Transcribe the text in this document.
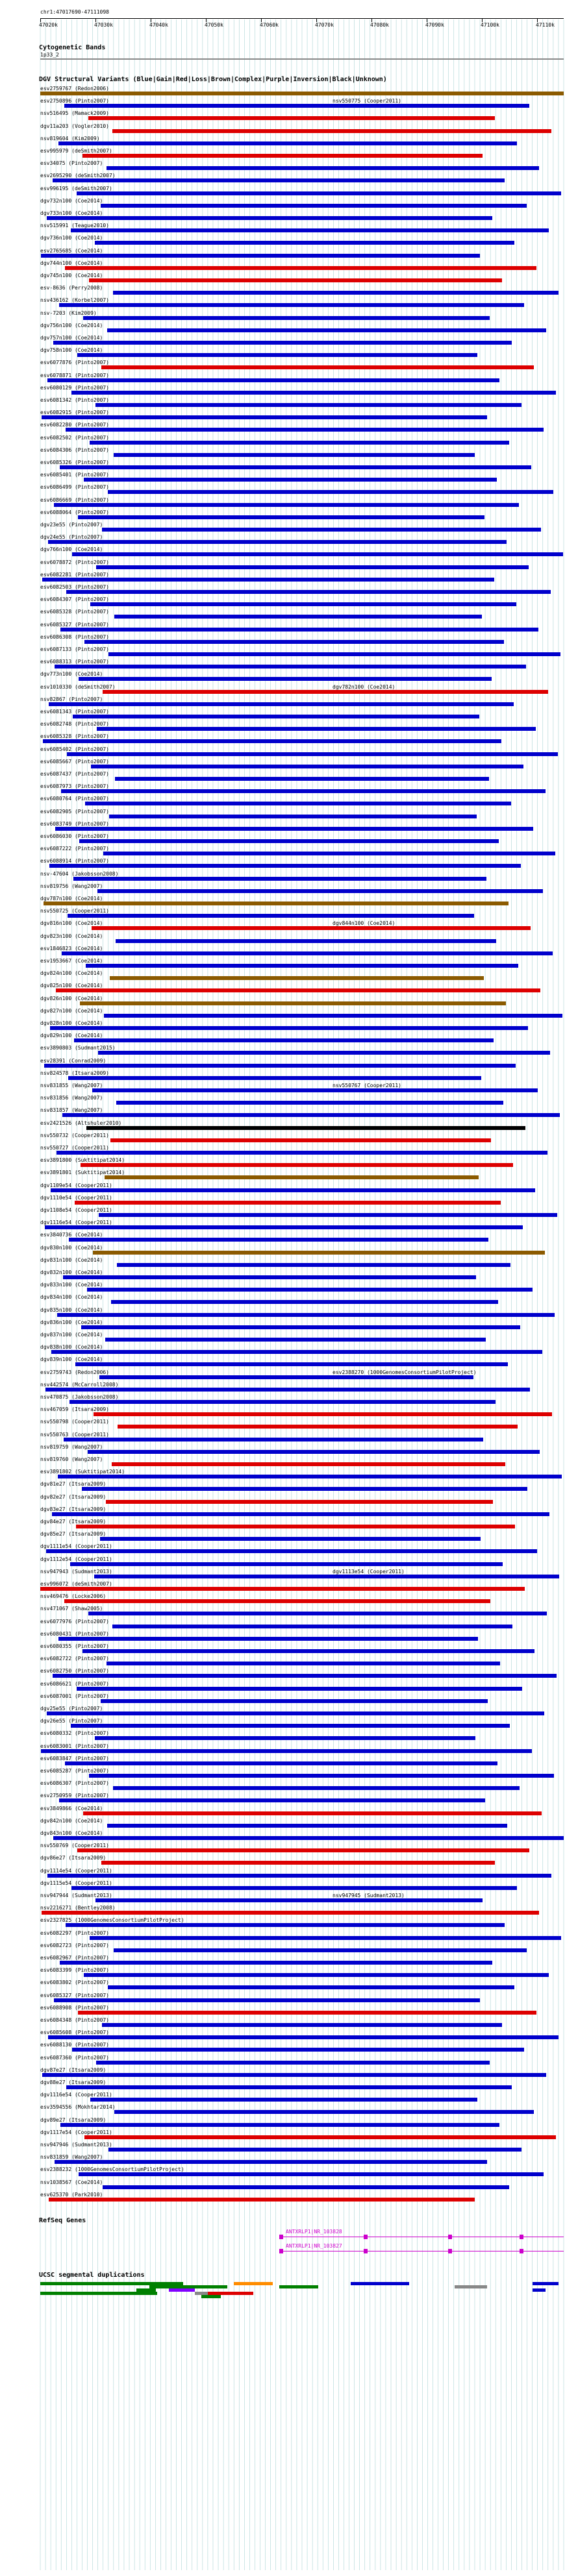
chr1:47017690-47111098
47020k	47030k	47040k	47050k	47060k	47070k	47080k	47090k	47100k	47110k
Cytogenetic Bands
1p33_2
DGV Structural Variants (Blue|Gain|Red|Loss|Brown|Complex|Purple|Inversion|Black|Unknown)
esv2759767 (Redon2006)
esv2750896 (Pinto2007)	nsv550775 (Cooper2011)
nsv516495 (Mamack2009)
dgv11a203 (Vogler2010)
nsv819604 (Kim2009)
esv995979 (deSmith2007)
esv34075 (Pinto2007)
esv2695290 (deSmith2007)
esv996195 (deSmith2007)
dgv732n100 (Coe2014)
dgv733n100 (Coe2014)
nsv515991 (Teague2010)
dgv736n100 (Coe2014)
esv2765685 (Coe2014)
dgv744n100 (Coe2014)
dgv745n100 (Coe2014)
esv-8636 (Perry2008)
nsv436162 (Korbel2007)
nsv-7203 (Kim2009)
dgv756n100 (Coe2014)
dgv757n100 (Coe2014)
dgv758n100 (Coe2014)
esv6077876 (Pinto2007)
esv6078871 (Pinto2007)
esv6080129 (Pinto2007)
esv6081342 (Pinto2007)
esv6082915 (Pinto2007)
esv6082280 (Pinto2007)
esv6082502 (Pinto2007)
esv6084306 (Pinto2007)
esv6085326 (Pinto2007)
esv6085401 (Pinto2007)
esv6086499 (Pinto2007)
esv6086669 (Pinto2007)
esv6088064 (Pinto2007)
dgv23e55 (Pinto2007)
dgv24e55 (Pinto2007)
dgv766n100 (Coe2014)
esv6078872 (Pinto2007)
esv6082281 (Pinto2007)
esv6082503 (Pinto2007)
esv6084307 (Pinto2007)
esv6085328 (Pinto2007)
esv6085327 (Pinto2007)
esv6086308 (Pinto2007)
esv6087133 (Pinto2007)
esv6088313 (Pinto2007)
dgv773n100 (Coe2014)
esv1010330 (deSmith2007)	dgv782n100 (Coe2014)
nsv82867 (Pinto2007)
esv6081343 (Pinto2007)
esv6082748 (Pinto2007)
esv6085328 (Pinto2007)
esv6085402 (Pinto2007)
esv6085667 (Pinto2007)
esv6087437 (Pinto2007)
esv6087973 (Pinto2007)
esv6080764 (Pinto2007)
esv6082905 (Pinto2007)
esv6083749 (Pinto2007)
esv6086030 (Pinto2007)
esv6087222 (Pinto2007)
esv6088914 (Pinto2007)
nsv-47604 (Jakobsson2008)
nsv819756 (Wang2007)
dgv787n100 (Coe2014)
nsv550725 (Cooper2011)
dgv816n100 (Coe2014)	dgv844n100 (Coe2014)
dgv823n100 (Coe2014)
esv1846823 (Coe2014)
esv1953667 (Coe2014)
dgv824n100 (Coe2014)
dgv825n100 (Coe2014)
dgv826n100 (Coe2014)
dgv827n100 (Coe2014)
dgv828n100 (Coe2014)
dgv829n100 (Coe2014)
esv3890803 (Sudmant2015)
esv28391 (Conrad2009)
nsv824578 (Itsara2009)
nsv831855 (Wang2007)	nsv550767 (Cooper2011)
nsv831856 (Wang2007)
nsv831857 (Wang2007)
esv2421526 (Altshuler2010)
nsv550732 (Cooper2011)
nsv550727 (Cooper2011)
esv3891800 (Suktitipat2014)
esv3891801 (Suktitipat2014)
dgv1109e54 (Cooper2011)
dgv1110e54 (Cooper2011)
dgv1108e54 (Cooper2011)
dgv1116e54 (Cooper2011)
esv3840736 (Coe2014)
dgv830n100 (Coe2014)
dgv831n100 (Coe2014)
dgv832n100 (Coe2014)
dgv833n100 (Coe2014)
dgv834n100 (Coe2014)
dgv835n100 (Coe2014)
dgv836n100 (Coe2014)
dgv837n100 (Coe2014)
dgv838n100 (Coe2014)
dgv839n100 (Coe2014)
esv2759743 (Redon2006)	esv2388270 (1000GenomesConsortiumPilotProject)
nsv442574 (McCarroll2008)
nsv470875 (Jakobsson2008)
nsv467059 (Itsara2009)
nsv550798 (Cooper2011)
nsv550763 (Cooper2011)
nsv819759 (Wang2007)
nsv819760 (Wang2007)
esv3891802 (Suktitipat2014)
dgv81e27 (Itsara2009)
dgv82e27 (Itsara2009)
dgv83e27 (Itsara2009)
dgv84e27 (Itsara2009)
dgv85e27 (Itsara2009)
dgv1111e54 (Cooper2011)
dgv1112e54 (Cooper2011)
nsv947943 (Sudmant2013)	dgv1113e54 (Cooper2011)
esv996072 (deSmith2007)
nsv469476 (Locke2006)
nsv471067 (Shaw2005)
esv6077976 (Pinto2007)
esv6080431 (Pinto2007)
esv6080355 (Pinto2007)
esv6082722 (Pinto2007)
esv6082750 (Pinto2007)
esv6086621 (Pinto2007)
esv6087001 (Pinto2007)
dgv25e55 (Pinto2007)
dgv26e55 (Pinto2007)
esv6080332 (Pinto2007)
esv6083001 (Pinto2007)
esv6083847 (Pinto2007)
esv6085287 (Pinto2007)
esv6086307 (Pinto2007)
esv2750959 (Pinto2007)
esv3849866 (Coe2014)
dgv842n100 (Coe2014)
dgv843n100 (Coe2014)
nsv550769 (Cooper2011)
dgv86e27 (Itsara2009)
dgv1114e54 (Cooper2011)
dgv1115e54 (Cooper2011)
nsv947944 (Sudmant2013)	nsv947945 (Sudmant2013)
nsv2216271 (Bentley2008)
esv2327825 (1000GenomesConsortiumPilotProject)
esv6082297 (Pinto2007)
esv6082723 (Pinto2007)
esv6082967 (Pinto2007)
esv6083399 (Pinto2007)
esv6083802 (Pinto2007)
esv6085327 (Pinto2007)
esv6088908 (Pinto2007)
esv6084348 (Pinto2007)
esv6085608 (Pinto2007)
esv6088130 (Pinto2007)
esv6087360 (Pinto2007)
dgv87e27 (Itsara2009)
dgv88e27 (Itsara2009)
dgv1116e54 (Cooper2011)
esv3594556 (Mokhtar2014)
dgv89e27 (Itsara2009)
dgv1117e54 (Cooper2011)
nsv947946 (Sudmant2013)
nsv831859 (Wang2007)
esv2388232 (1000GenomesConsortiumPilotProject)
nsv1038567 (Coe2014)
esv625370 (Park2010)
RefSeq Genes
ANTXRLP1|NR_103828
ANTXRLP1|NR_103827
UCSC segmental duplications
